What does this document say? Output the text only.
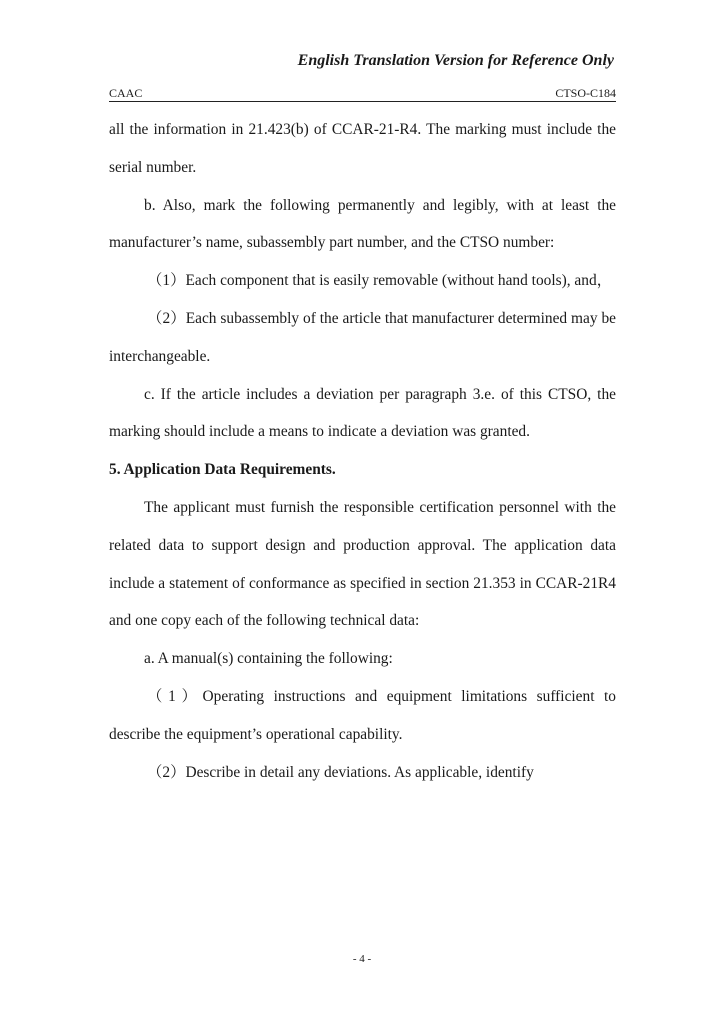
English Translation Version for Reference Only
CAAC	CTSO-C184

all the information in 21.423(b) of CCAR-21-R4. The marking must include the serial number.

b. Also, mark the following permanently and legibly, with at least the manufacturer’s name, subassembly part number, and the CTSO number:

（1）Each component that is easily removable (without hand tools), and，

（2）Each subassembly of the article that manufacturer determined may be interchangeable.

c. If the article includes a deviation per paragraph 3.e. of this CTSO, the marking should include a means to indicate a deviation was granted.

5. Application Data Requirements.

The applicant must furnish the responsible certification personnel with the related data to support design and production approval. The application data include a statement of conformance as specified in section 21.353 in CCAR-21R4 and one copy each of the following technical data:

a. A manual(s) containing the following:

（1）Operating instructions and equipment limitations sufficient to describe the equipment’s operational capability.

（2）Describe in detail any deviations. As applicable, identify

- 4 -
